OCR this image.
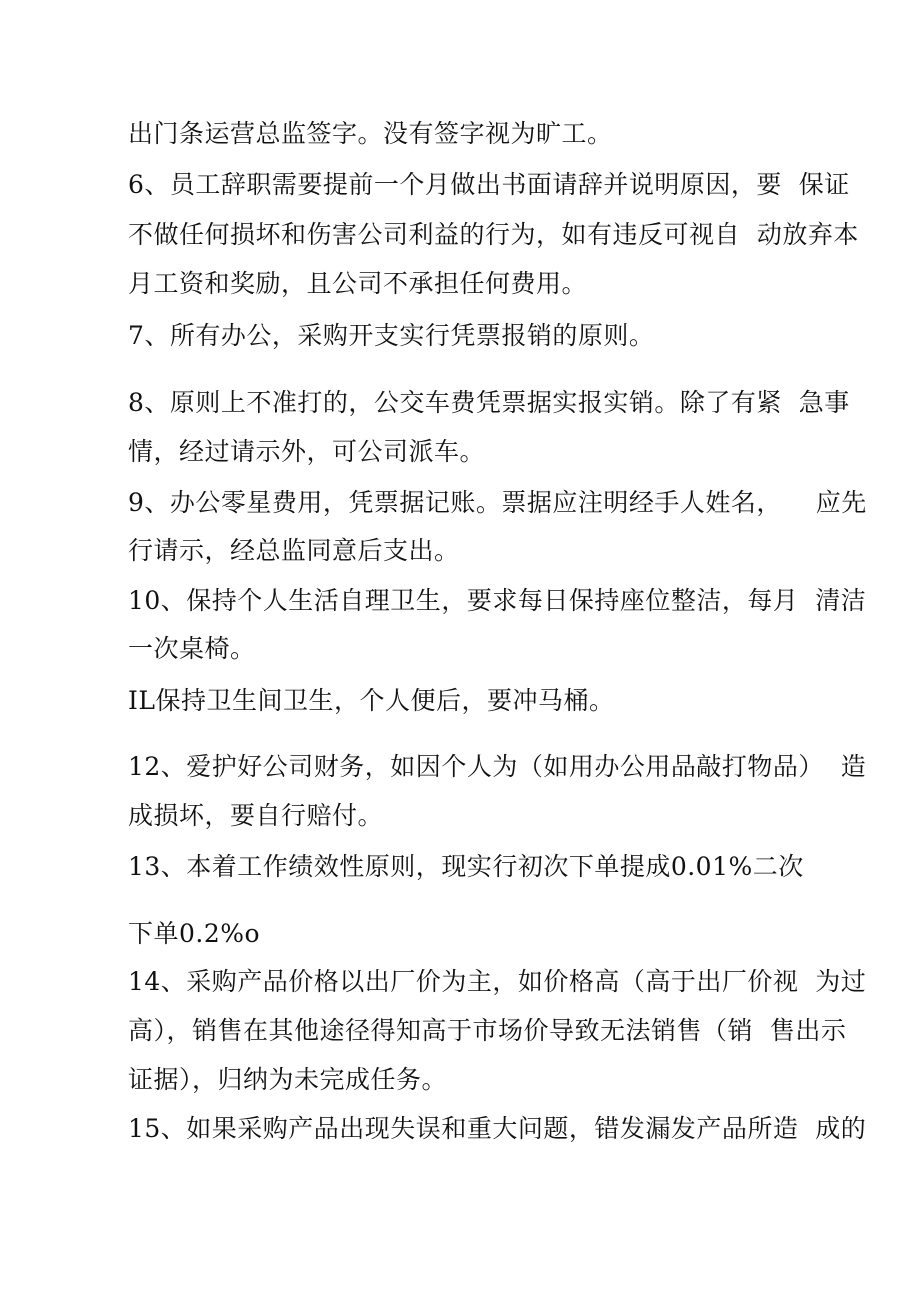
出门条运营总监签字。没有签字视为旷工。
6、员工辞职需要提前一个月做出书面请辞并说明原因，要  保证
不做任何损坏和伤害公司利益的行为，如有违反可视自  动放弃本
月工资和奖励，且公司不承担任何费用。
7、所有办公，采购开支实行凭票报销的原则。
8、原则上不准打的，公交车费凭票据实报实销。除了有紧  急事
情，经过请示外，可公司派车。
9、办公零星费用，凭票据记账。票据应注明经手人姓名，    应先
行请示，经总监同意后支出。
10、保持个人生活自理卫生，要求每日保持座位整洁，每月  清洁
一次桌椅。
IL保持卫生间卫生，个人便后，要冲马桶。
12、爱护好公司财务，如因个人为（如用办公用品敲打物品）  造
成损坏，要自行赔付。
13、本着工作绩效性原则，现实行初次下单提成0.01%二次
下单0.2%o
14、采购产品价格以出厂价为主，如价格高（高于出厂价视  为过
高），销售在其他途径得知高于市场价导致无法销售（销  售出示
证据），归纳为未完成任务。
15、如果采购产品出现失误和重大问题，错发漏发产品所造  成的
